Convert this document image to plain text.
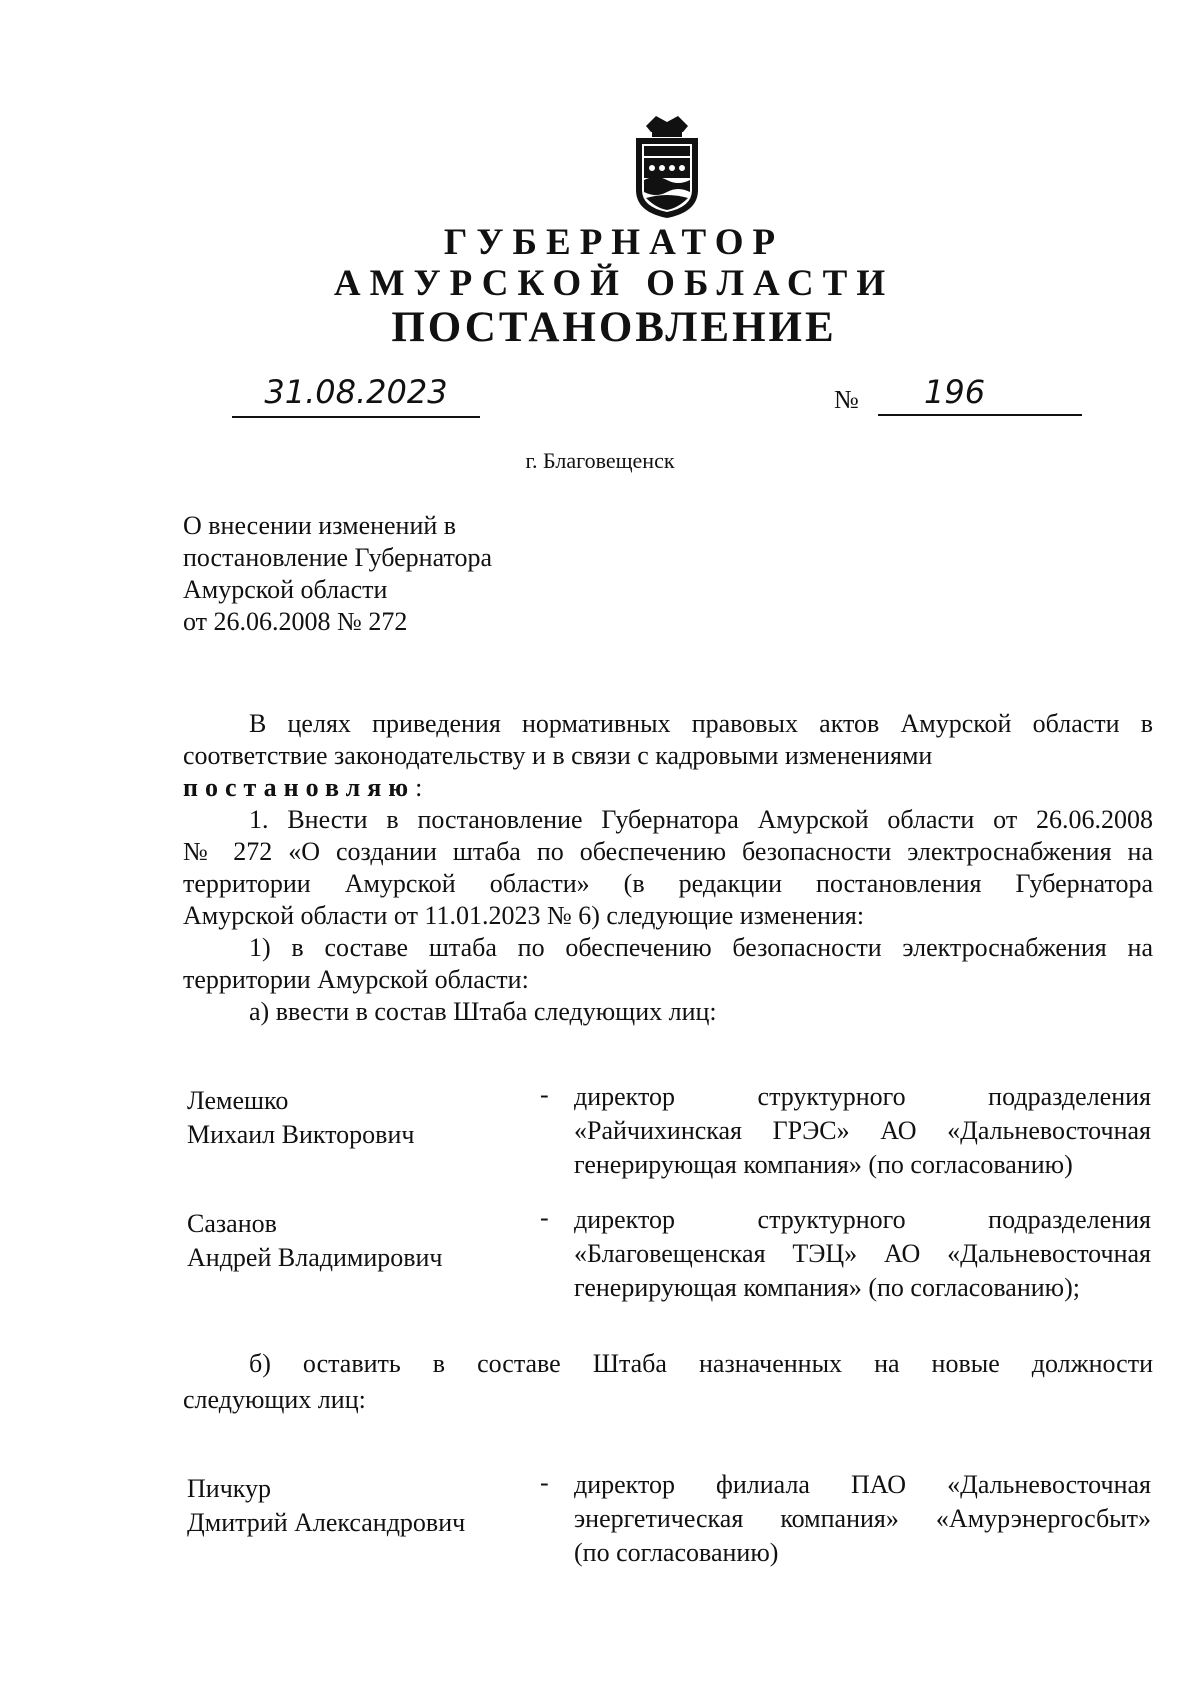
ГУБЕРНАТОР
АМУРСКОЙ ОБЛАСТИ
ПОСТАНОВЛЕНИЕ
31.08.2023	№	196
г. Благовещенск
О внесении изменений в
постановление Губернатора
Амурской области
от 26.06.2008 № 272
В целях приведения нормативных правовых актов Амурской области в
соответствие законодательству и в связи с кадровыми изменениями
постановляю:
1. Внести в постановление Губернатора Амурской области от 26.06.2008
№ 272 «О создании штаба по обеспечению безопасности электроснабжения на
территории Амурской области» (в редакции постановления Губернатора
Амурской области от 11.01.2023 № 6) следующие изменения:
1) в составе штаба по обеспечению безопасности электроснабжения на
территории Амурской области:
а) ввести в состав Штаба следующих лиц:
Лемешко
Михаил Викторович
- директор структурного подразделения
«Райчихинская ГРЭС» АО «Дальневосточная
генерирующая компания» (по согласованию)
Сазанов
Андрей Владимирович
- директор структурного подразделения
«Благовещенская ТЭЦ» АО «Дальневосточная
генерирующая компания» (по согласованию);
б) оставить в составе Штаба назначенных на новые должности
следующих лиц:
Пичкур
Дмитрий Александрович
- директор филиала ПАО «Дальневосточная
энергетическая компания» «Амурэнергосбыт»
(по согласованию)
